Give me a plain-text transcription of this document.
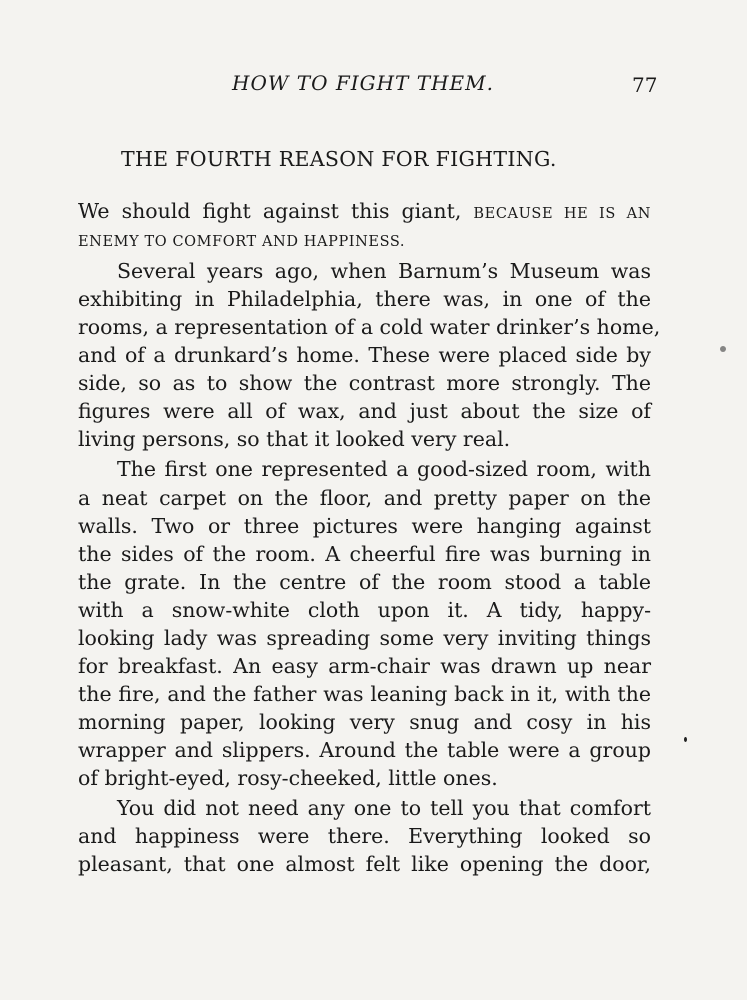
HOW TO FIGHT THEM.	77
THE FOURTH REASON FOR FIGHTING.
We should fight against this giant, BECAUSE HE IS AN
ENEMY TO COMFORT AND HAPPINESS.
Several years ago, when Barnum’s Museum was
exhibiting in Philadelphia, there was, in one of the
rooms, a representation of a cold water drinker’s home,
and of a drunkard’s home. These were placed side by
side, so as to show the contrast more strongly. The
figures were all of wax, and just about the size of
living persons, so that it looked very real.
The first one represented a good-sized room, with
a neat carpet on the floor, and pretty paper on the
walls. Two or three pictures were hanging against
the sides of the room. A cheerful fire was burning in
the grate. In the centre of the room stood a table
with a snow-white cloth upon it. A tidy, happy-
looking lady was spreading some very inviting things
for breakfast. An easy arm-chair was drawn up near
the fire, and the father was leaning back in it, with the
morning paper, looking very snug and cosy in his
wrapper and slippers. Around the table were a group
of bright-eyed, rosy-cheeked, little ones.
You did not need any one to tell you that comfort
and happiness were there. Everything looked so
pleasant, that one almost felt like opening the door,
